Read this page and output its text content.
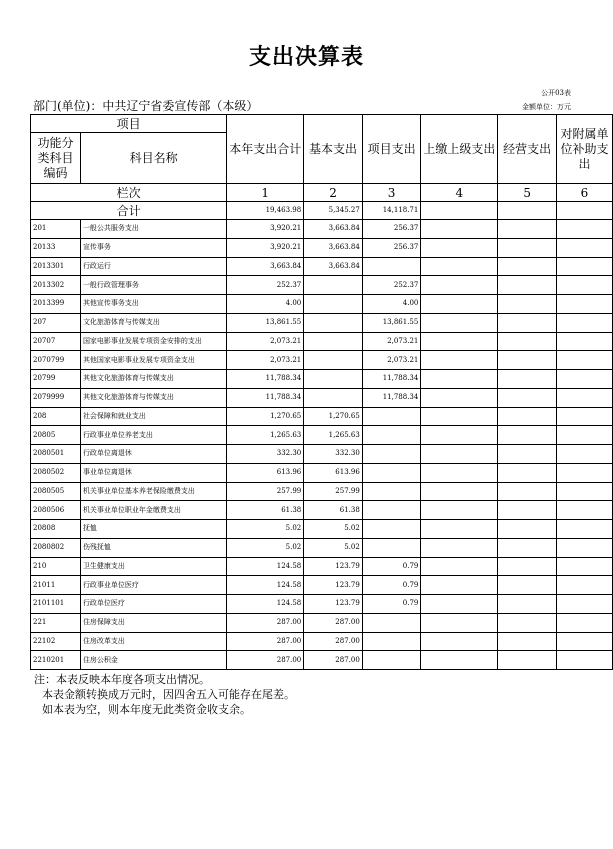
支出决算表
公开03表
部门(单位)：中共辽宁省委宣传部（本级）	金额单位：万元
项目		本年支出合计	基本支出	项目支出	上缴上级支出	经营支出	对附属单位补助支出
功能分类科目编码	科目名称						
栏次		1	2	3	4	5	6
合计		19,463.98	5,345.27	14,118.71			
201	一般公共服务支出	3,920.21	3,663.84	256.37			
20133	宣传事务	3,920.21	3,663.84	256.37			
2013301	行政运行	3,663.84	3,663.84				
2013302	一般行政管理事务	252.37		252.37			
2013399	其他宣传事务支出	4.00		4.00			
207	文化旅游体育与传媒支出	13,861.55		13,861.55			
20707	国家电影事业发展专项资金安排的支出	2,073.21		2,073.21			
2070799	其他国家电影事业发展专项资金支出	2,073.21		2,073.21			
20799	其他文化旅游体育与传媒支出	11,788.34		11,788.34			
2079999	其他文化旅游体育与传媒支出	11,788.34		11,788.34			
208	社会保障和就业支出	1,270.65	1,270.65				
20805	行政事业单位养老支出	1,265.63	1,265.63				
2080501	行政单位离退休	332.30	332.30				
2080502	事业单位离退休	613.96	613.96				
2080505	机关事业单位基本养老保险缴费支出	257.99	257.99				
2080506	机关事业单位职业年金缴费支出	61.38	61.38				
20808	抚恤	5.02	5.02				
2080802	伤残抚恤	5.02	5.02				
210	卫生健康支出	124.58	123.79	0.79			
21011	行政事业单位医疗	124.58	123.79	0.79			
2101101	行政单位医疗	124.58	123.79	0.79			
221	住房保障支出	287.00	287.00				
22102	住房改革支出	287.00	287.00				
2210201	住房公积金	287.00	287.00				
注：本表反映本年度各项支出情况。
本表金额转换成万元时，因四舍五入可能存在尾差。
如本表为空，则本年度无此类资金收支余。
